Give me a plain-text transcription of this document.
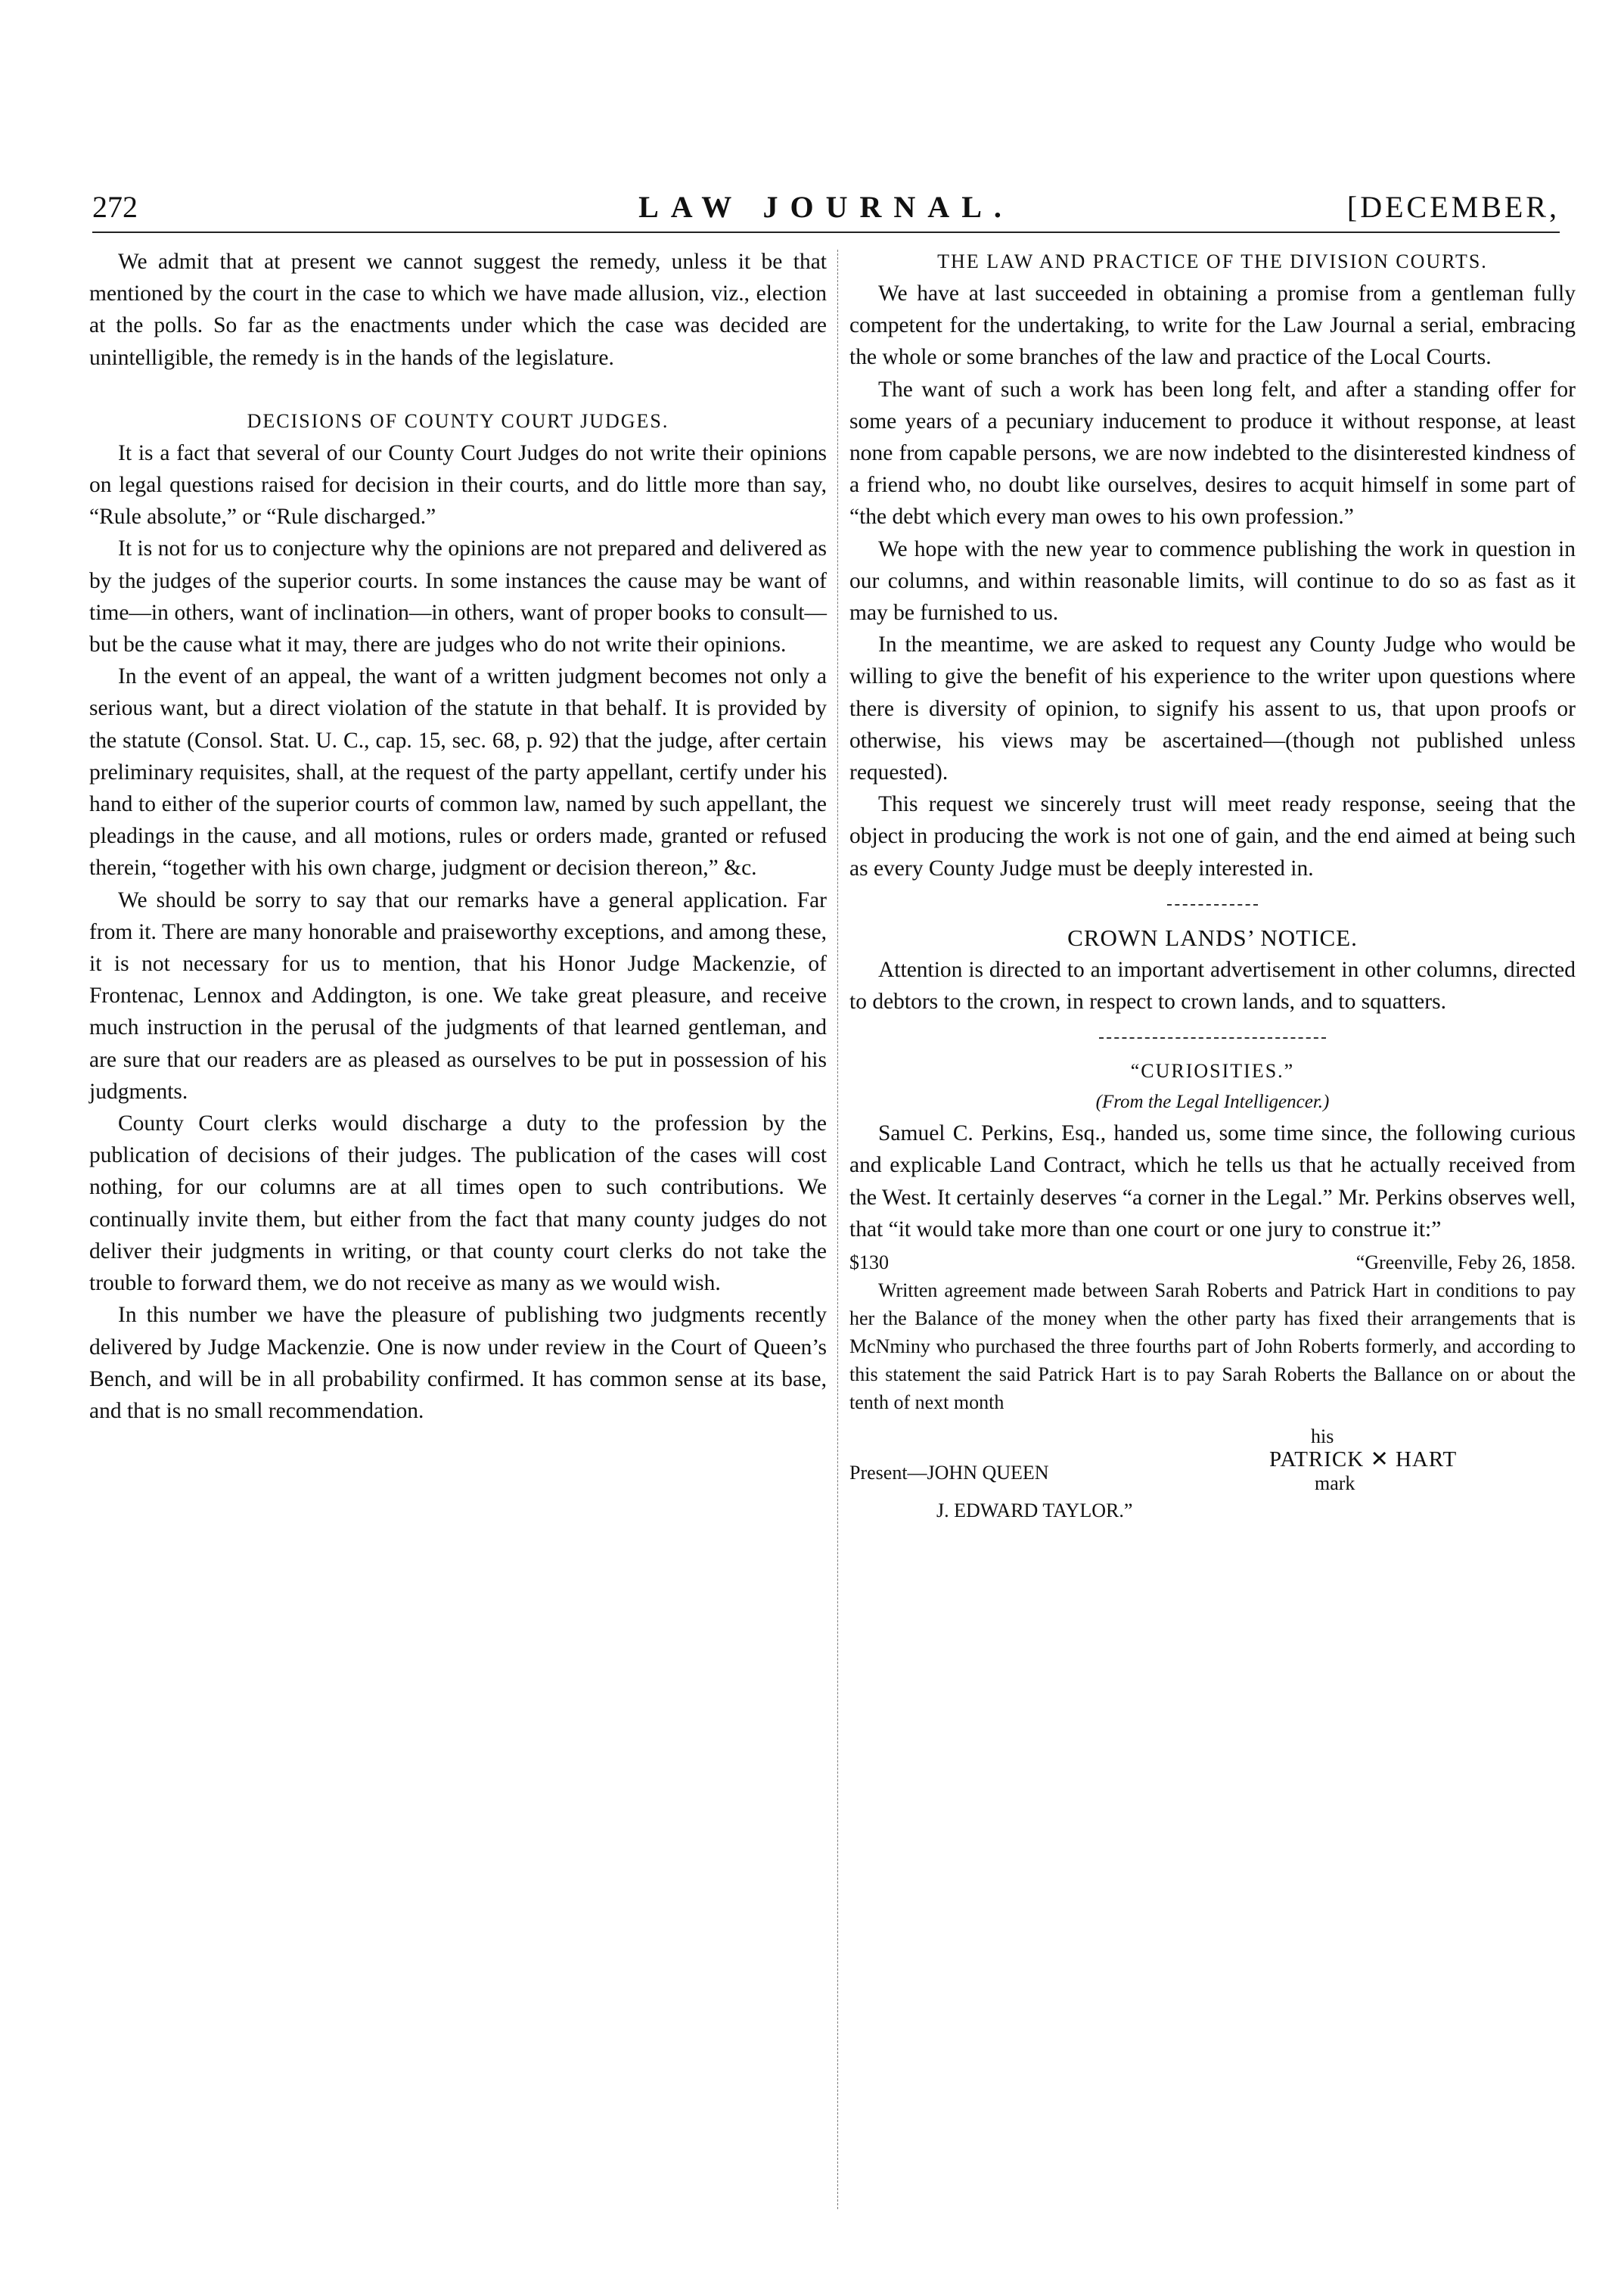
272	LAW JOURNAL.	[DECEMBER,

We admit that at present we cannot suggest the remedy, unless it be that mentioned by the court in the case to which we have made allusion, viz., election at the polls. So far as the enactments under which the case was decided are unintelligible, the remedy is in the hands of the legislature.

DECISIONS OF COUNTY COURT JUDGES.

It is a fact that several of our County Court Judges do not write their opinions on legal questions raised for decision in their courts, and do little more than say, “Rule absolute,” or “Rule discharged.”

It is not for us to conjecture why the opinions are not prepared and delivered as by the judges of the superior courts. In some instances the cause may be want of time—in others, want of inclination—in others, want of proper books to consult—but be the cause what it may, there are judges who do not write their opinions.

In the event of an appeal, the want of a written judgment becomes not only a serious want, but a direct violation of the statute in that behalf. It is provided by the statute (Consol. Stat. U. C., cap. 15, sec. 68, p. 92) that the judge, after certain preliminary requisites, shall, at the request of the party appellant, certify under his hand to either of the superior courts of common law, named by such appellant, the pleadings in the cause, and all motions, rules or orders made, granted or refused therein, “together with his own charge, judgment or decision thereon,” &c.

We should be sorry to say that our remarks have a general application. Far from it. There are many honorable and praiseworthy exceptions, and among these, it is not necessary for us to mention, that his Honor Judge Mackenzie, of Frontenac, Lennox and Addington, is one. We take great pleasure, and receive much instruction in the perusal of the judgments of that learned gentleman, and are sure that our readers are as pleased as ourselves to be put in possession of his judgments.

County Court clerks would discharge a duty to the profession by the publication of decisions of their judges. The publication of the cases will cost nothing, for our columns are at all times open to such contributions. We continually invite them, but either from the fact that many county judges do not deliver their judgments in writing, or that county court clerks do not take the trouble to forward them, we do not receive as many as we would wish.

In this number we have the pleasure of publishing two judgments recently delivered by Judge Mackenzie. One is now under review in the Court of Queen’s Bench, and will be in all probability confirmed. It has common sense at its base, and that is no small recommendation.

THE LAW AND PRACTICE OF THE DIVISION COURTS.

We have at last succeeded in obtaining a promise from a gentleman fully competent for the undertaking, to write for the Law Journal a serial, embracing the whole or some branches of the law and practice of the Local Courts.

The want of such a work has been long felt, and after a standing offer for some years of a pecuniary inducement to produce it without response, at least none from capable persons, we are now indebted to the disinterested kindness of a friend who, no doubt like ourselves, desires to acquit himself in some part of “the debt which every man owes to his own profession.”

We hope with the new year to commence publishing the work in question in our columns, and within reasonable limits, will continue to do so as fast as it may be furnished to us.

In the meantime, we are asked to request any County Judge who would be willing to give the benefit of his experience to the writer upon questions where there is diversity of opinion, to signify his assent to us, that upon proofs or otherwise, his views may be ascertained—(though not published unless requested).

This request we sincerely trust will meet ready response, seeing that the object in producing the work is not one of gain, and the end aimed at being such as every County Judge must be deeply interested in.

CROWN LANDS’ NOTICE.

Attention is directed to an important advertisement in other columns, directed to debtors to the crown, in respect to crown lands, and to squatters.

“CURIOSITIES.”
(From the Legal Intelligencer.)

Samuel C. Perkins, Esq., handed us, some time since, the following curious and explicable Land Contract, which he tells us that he actually received from the West. It certainly deserves “a corner in the Legal.” Mr. Perkins observes well, that “it would take more than one court or one jury to construe it:”

$130	“Greenville, Feby 26, 1858.

Written agreement made between Sarah Roberts and Patrick Hart in conditions to pay her the Balance of the money when the other party has fixed their arrangements that is McNminy who purchased the three fourths part of John Roberts formerly, and according to this statement the said Patrick Hart is to pay Sarah Roberts the Ballance on or about the tenth of next month

his
PATRICK ✕ HART
mark
Present—JOHN QUEEN
J. EDWARD TAYLOR.”
